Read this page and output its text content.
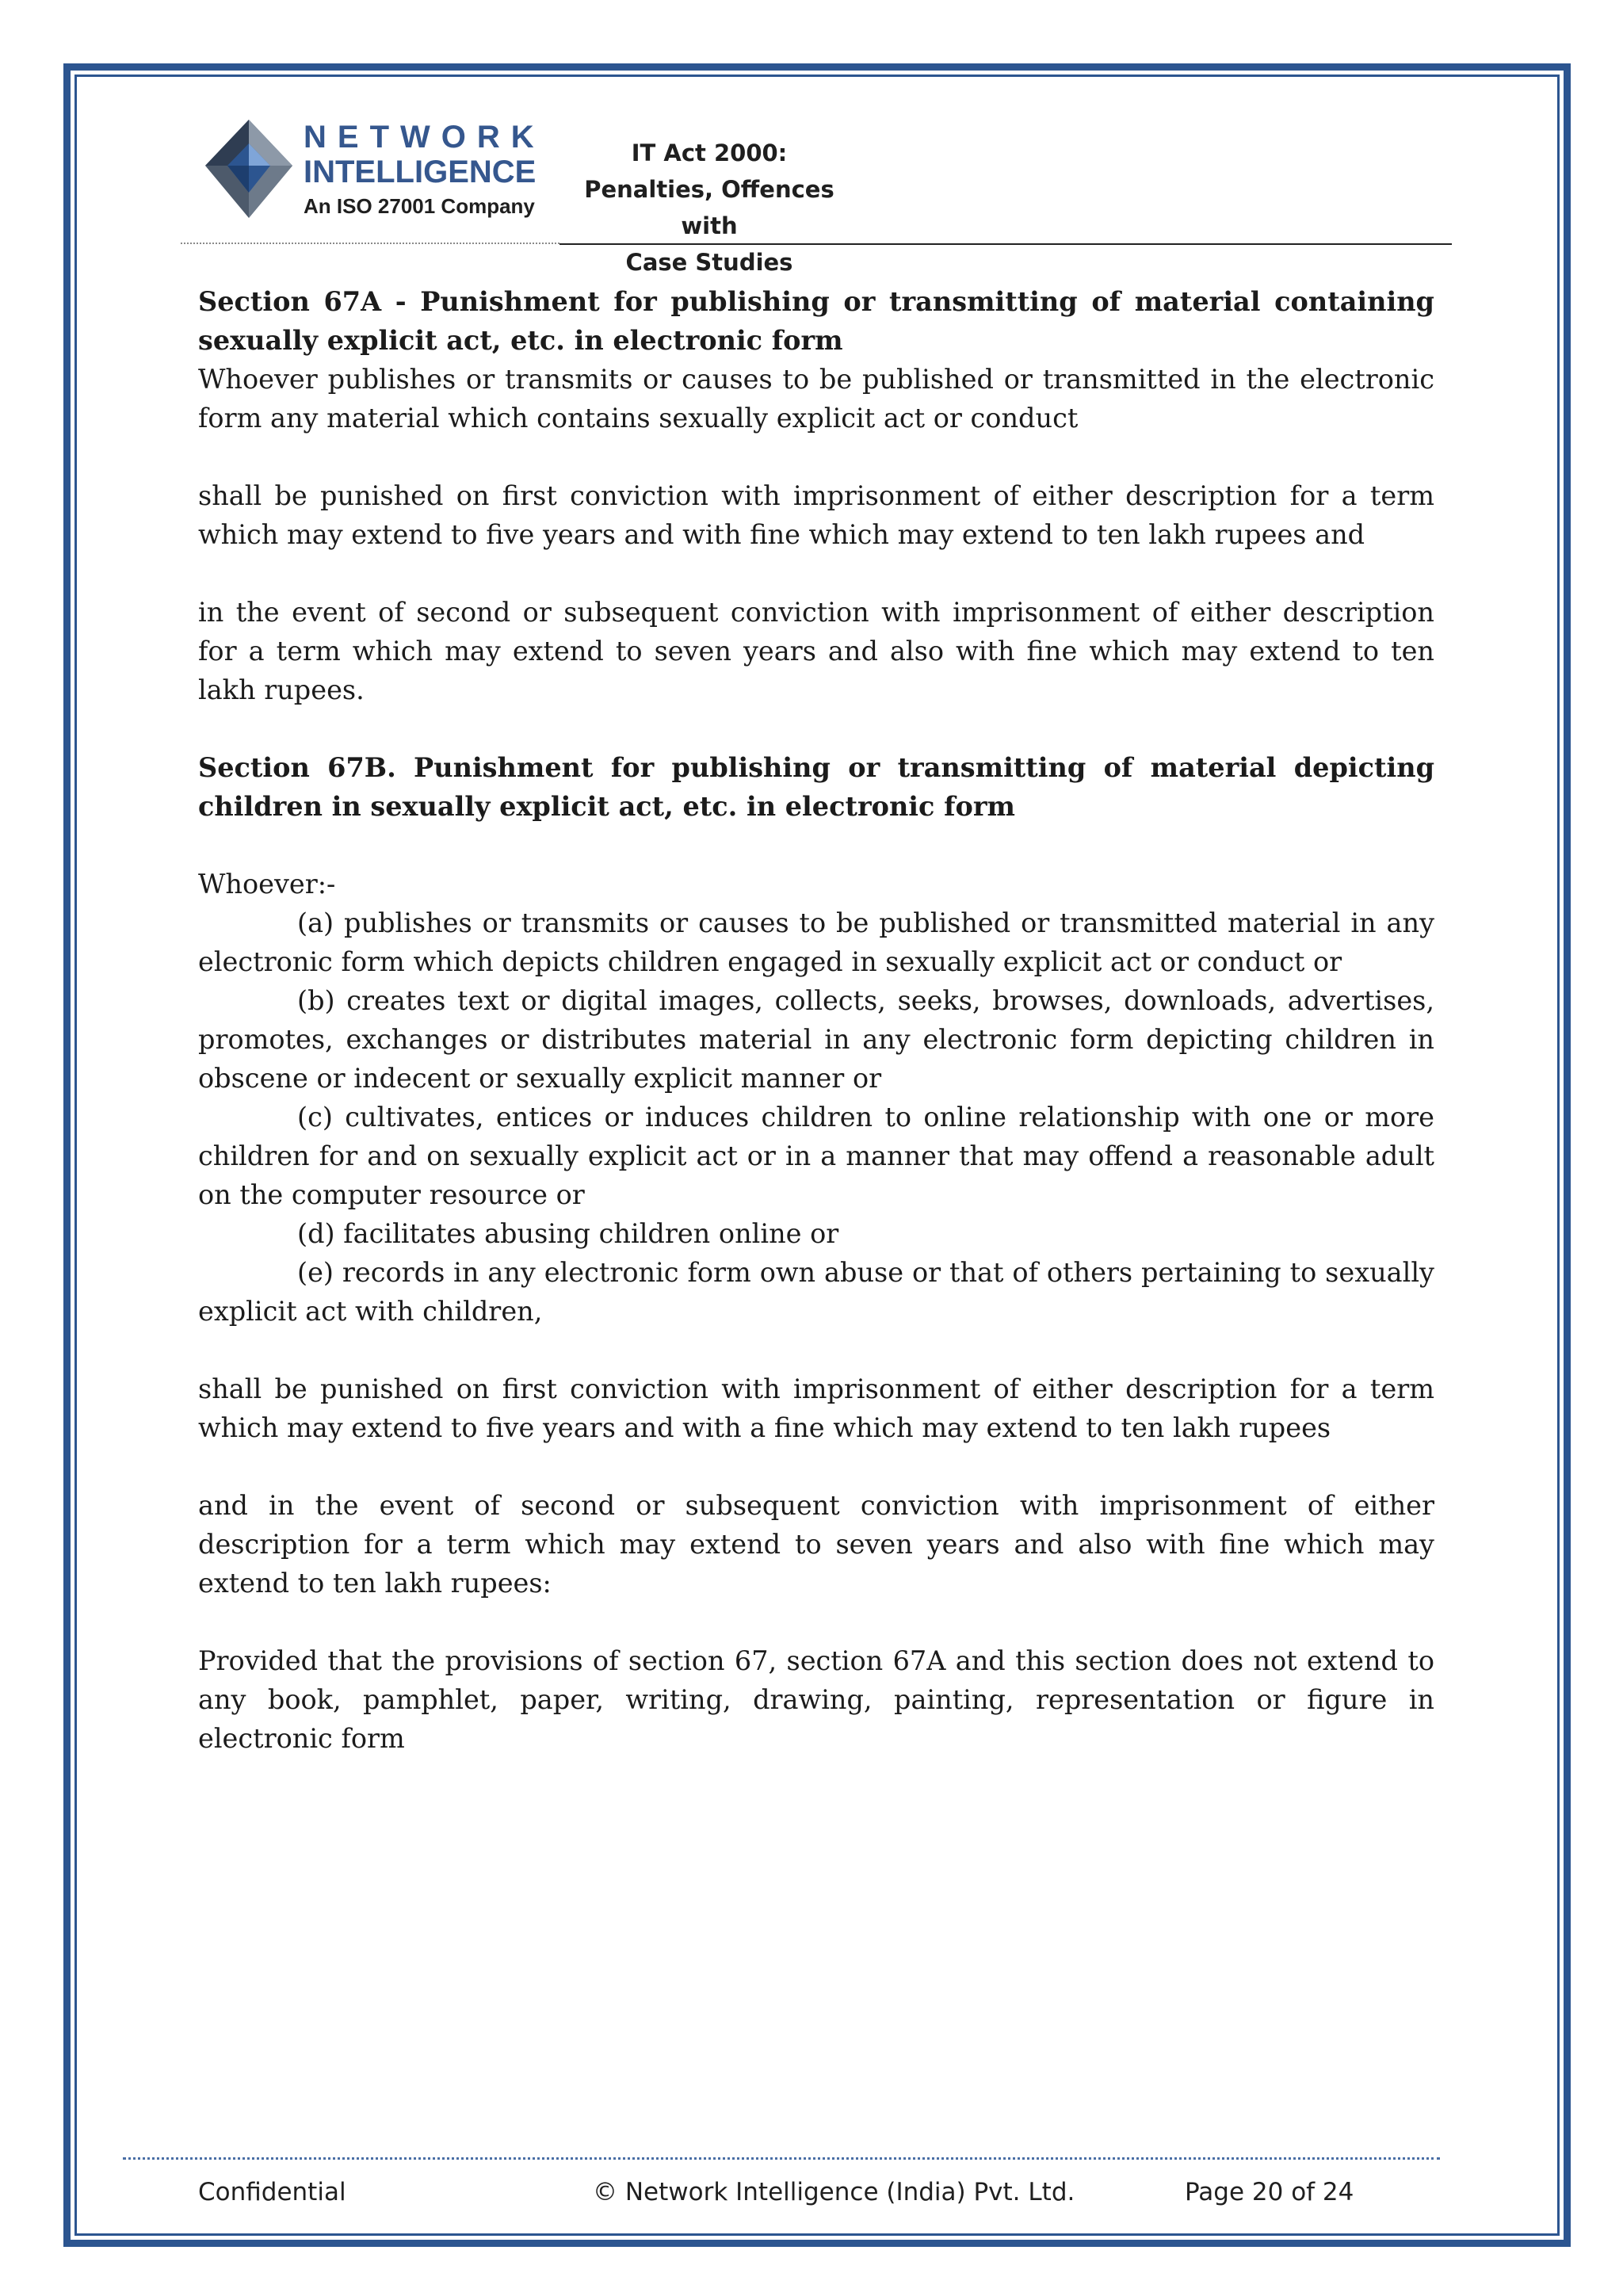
NETWORK
INTELLIGENCE
An ISO 27001 Company
IT Act 2000: Penalties, Offences with
Case Studies

Section 67A - Punishment for publishing or transmitting of material containing sexually explicit act, etc. in electronic form

Whoever publishes or transmits or causes to be published or transmitted in the electronic form any material which contains sexually explicit act or conduct

shall be punished on first conviction with imprisonment of either description for a term which may extend to five years and with fine which may extend to ten lakh rupees and

in the event of second or subsequent conviction with imprisonment of either description for a term which may extend to seven years and also with fine which may extend to ten lakh rupees.

Section 67B. Punishment for publishing or transmitting of material depicting children in sexually explicit act, etc. in electronic form

Whoever:-

(a) publishes or transmits or causes to be published or transmitted material in any electronic form which depicts children engaged in sexually explicit act or conduct or

(b) creates text or digital images, collects, seeks, browses, downloads, advertises, promotes, exchanges or distributes material in any electronic form depicting children in obscene or indecent or sexually explicit manner or

(c) cultivates, entices or induces children to online relationship with one or more children for and on sexually explicit act or in a manner that may offend a reasonable adult on the computer resource or

(d) facilitates abusing children online or

(e) records in any electronic form own abuse or that of others pertaining to sexually explicit act with children,

shall be punished on first conviction with imprisonment of either description for a term which may extend to five years and with a fine which may extend to ten lakh rupees

and in the event of second or subsequent conviction with imprisonment of either description for a term which may extend to seven years and also with fine which may extend to ten lakh rupees:

Provided that the provisions of section 67, section 67A and this section does not extend to any book, pamphlet, paper, writing, drawing, painting, representation or figure in electronic form

Confidential	© Network Intelligence (India) Pvt. Ltd.	Page 20 of 24
